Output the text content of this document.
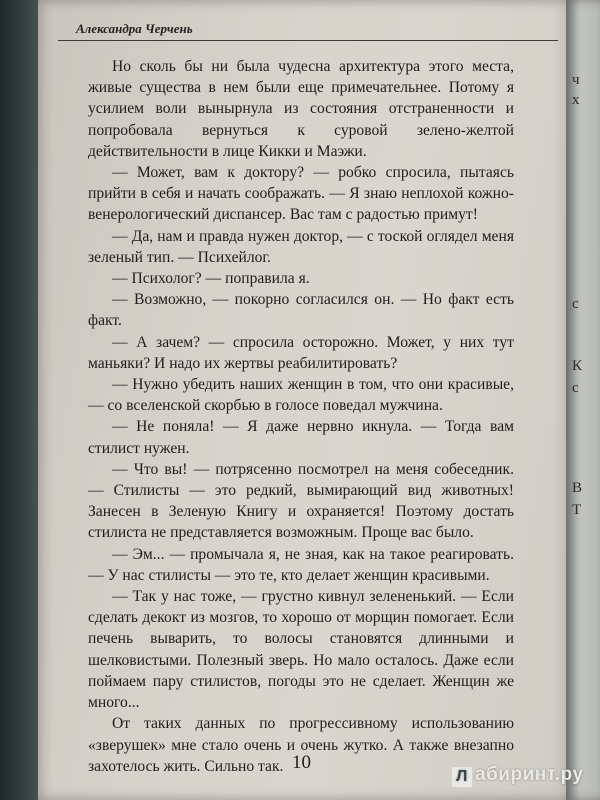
ч
х
с
К
с
В
Т
Александра Черчень

Но сколь бы ни была чудесна архитектура этого места, живые существа в нем были еще примечательнее. Потому я усилием воли вынырнула из состояния отстраненности и попробовала вернуться к суровой зелено-желтой действительности в лице Кикки и Маэжи.

— Может, вам к доктору? — робко спросила, пытаясь прийти в себя и начать соображать. — Я знаю неплохой кожно-венерологический диспансер. Вас там с радостью примут!

— Да, нам и правда нужен доктор, — с тоской оглядел меня зеленый тип. — Психейлог.

— Психолог? — поправила я.

— Возможно, — покорно согласился он. — Но факт есть факт.

— А зачем? — спросила осторожно. Может, у них тут маньяки? И надо их жертвы реабилитировать?

— Нужно убедить наших женщин в том, что они красивые, — со вселенской скорбью в голосе поведал мужчина.

— Не поняла! — Я даже нервно икнула. — Тогда вам стилист нужен.

— Что вы! — потрясенно посмотрел на меня собеседник. — Стилисты — это редкий, вымирающий вид животных! Занесен в Зеленую Книгу и охраняется! Поэтому достать стилиста не представляется возможным. Проще вас было.

— Эм... — промычала я, не зная, как на такое реагировать. — У нас стилисты — это те, кто делает женщин красивыми.

— Так у нас тоже, — грустно кивнул зелененький. — Если сделать декокт из мозгов, то хорошо от морщин помогает. Если печень выварить, то волосы становятся длинными и шелковистыми. Полезный зверь. Но мало осталось. Даже если поймаем пару стилистов, погоды это не сделает. Женщин же много...

От таких данных по прогрессивному использованию «зверушек» мне стало очень и очень жутко. А также внезапно захотелось жить. Сильно так. 10
Л абиринт.ру
